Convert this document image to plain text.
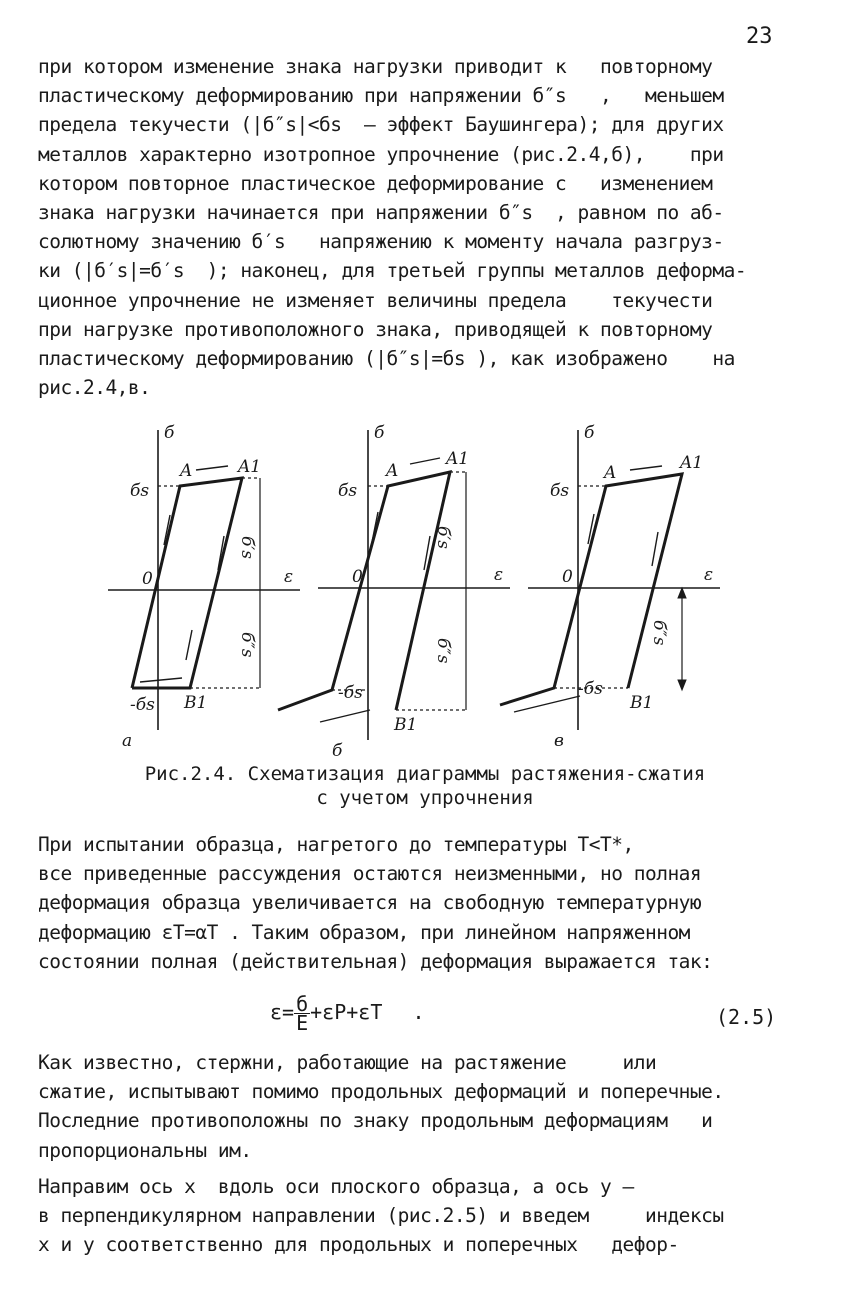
23
при котором изменение знака нагрузки приводит к   повторному
пластическому деформированию при напряжении б″s   ,   меньшем
предела текучести (|б″s|<бs  – эффект Баушингера); для других
металлов характерно изотропное упрочнение (рис.2.4,б),    при
котором повторное пластическое деформирование с   изменением
знака нагрузки начинается при напряжении б″s  , равном по аб-
солютному значению б′s   напряжению к моменту начала разгруз-
ки (|б′s|=б′s  ); наконец, для третьей группы металлов деформа-
ционное упрочнение не изменяет величины предела    текучести
при нагрузке противоположного знака, приводящей к повторному
пластическому деформированию (|б″s|=бs ), как изображено    на
рис.2.4,в.
б
ε
0
A	A1
B1
бs
-бs
б′s
б″s
а
б
ε
0
A
A1
B1
бs
-бs
б′s
б″s
б
б
ε
0
A	A1
B1
бs
-бs
б″s
в
Рис.2.4. Схематизация диаграммы растяжения-сжатия
с учетом упрочнения
При испытании образца, нагретого до температуры T<T*,
все приведенные рассуждения остаются неизменными, но полная
деформация образца увеличивается на свободную температурную
деформацию εT=αT . Таким образом, при линейном напряженном
состоянии полная (действительная) деформация выражается так:
$\varepsilon= \frac{б}{E} +\varepsilon P+\varepsilon T$ .	(2.5)
Как известно, стержни, работающие на растяжение     или
сжатие, испытывают помимо продольных деформаций и поперечные.
Последние противоположны по знаку продольным деформациям   и
пропорциональны им.
Направим ось x  вдоль оси плоского образца, а ось у –
в перпендикулярном направлении (рис.2.5) и введем     индексы
x и у соответственно для продольных и поперечных   дефор-
